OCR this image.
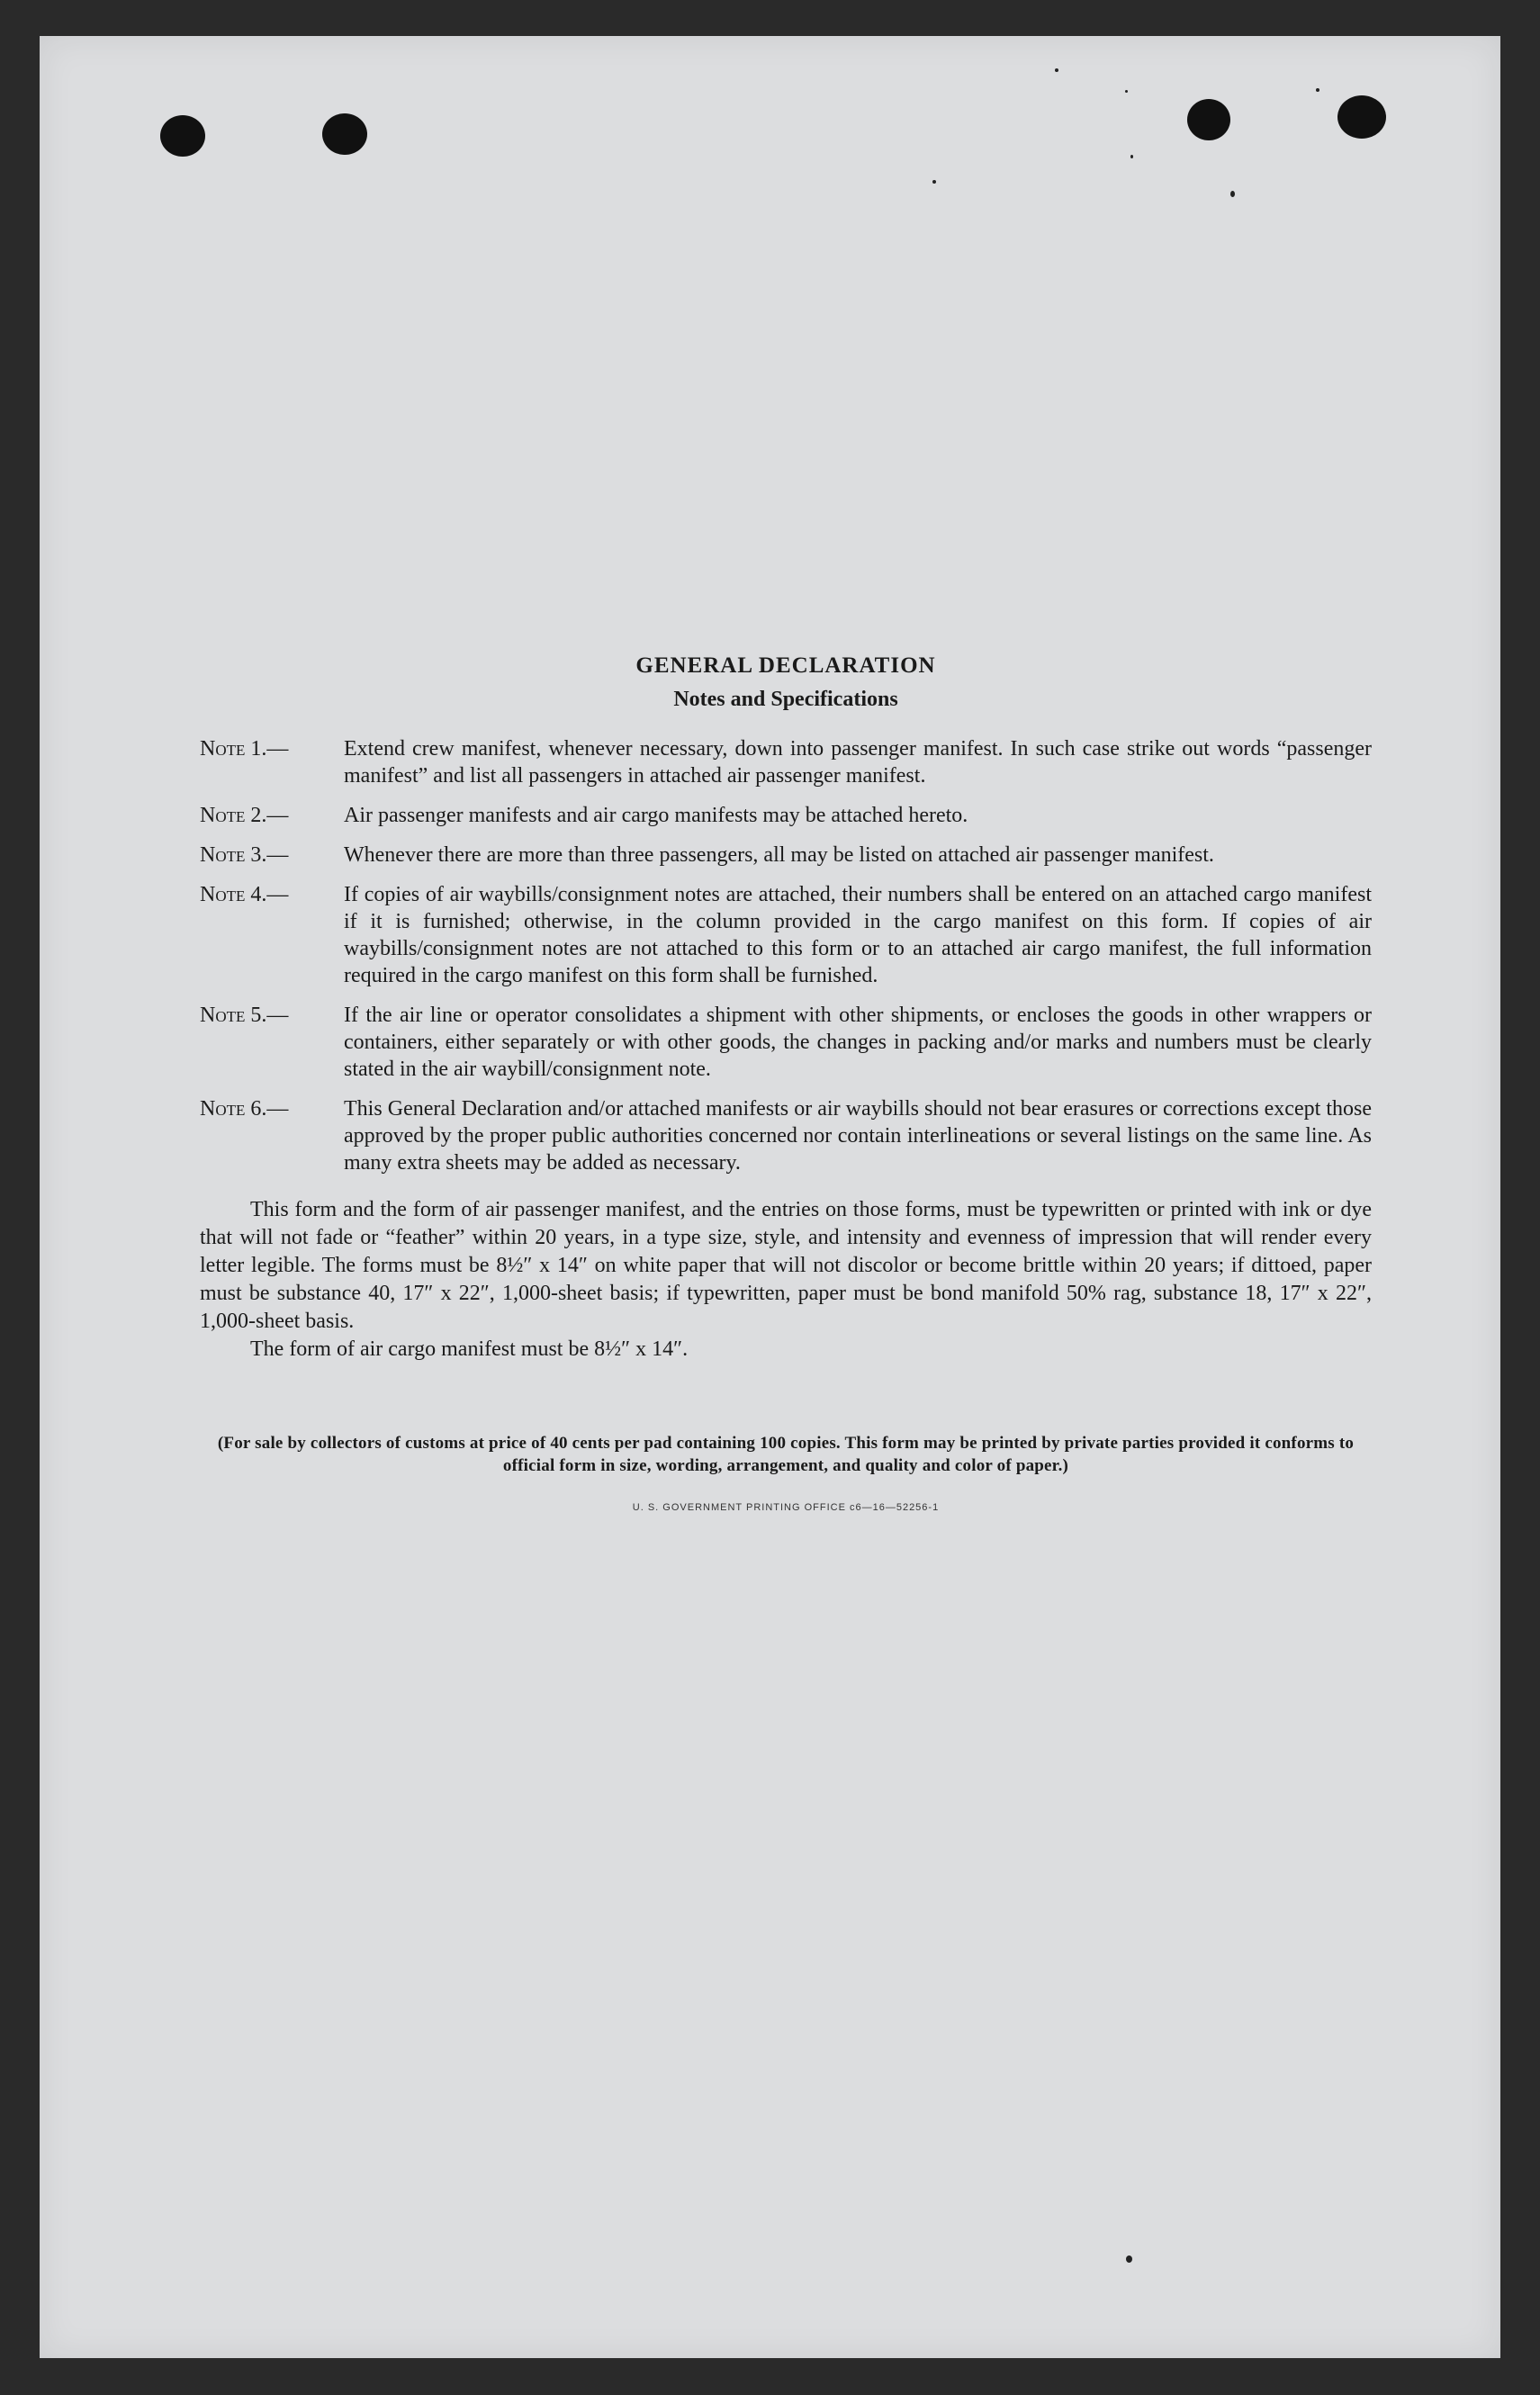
GENERAL DECLARATION
Notes and Specifications
Note 1.—	Extend crew manifest, whenever necessary, down into passenger manifest. In such case strike out words “passenger manifest” and list all passengers in attached air passenger manifest.
Note 2.—	Air passenger manifests and air cargo manifests may be attached hereto.
Note 3.—	Whenever there are more than three passengers, all may be listed on attached air passenger manifest.
Note 4.—	If copies of air waybills/consignment notes are attached, their numbers shall be entered on an attached cargo manifest if it is furnished; otherwise, in the column provided in the cargo manifest on this form. If copies of air waybills/consignment notes are not attached to this form or to an attached air cargo manifest, the full information required in the cargo manifest on this form shall be furnished.
Note 5.—	If the air line or operator consolidates a shipment with other shipments, or encloses the goods in other wrappers or containers, either separately or with other goods, the changes in packing and/or marks and numbers must be clearly stated in the air waybill/consignment note.
Note 6.—	This General Declaration and/or attached manifests or air waybills should not bear erasures or corrections except those approved by the proper public authorities concerned nor contain interlineations or several listings on the same line. As many extra sheets may be added as necessary.

This form and the form of air passenger manifest, and the entries on those forms, must be typewritten or printed with ink or dye that will not fade or “feather” within 20 years, in a type size, style, and intensity and evenness of impression that will render every letter legible. The forms must be 8½″ x 14″ on white paper that will not discolor or become brittle within 20 years; if dittoed, paper must be substance 40, 17″ x 22″, 1,000-sheet basis; if typewritten, paper must be bond manifold 50% rag, substance 18, 17″ x 22″, 1,000-sheet basis.

The form of air cargo manifest must be 8½″ x 14″.

(For sale by collectors of customs at price of 40 cents per pad containing 100 copies. This form may be printed by private parties provided it conforms to official form in size, wording, arrangement, and quality and color of paper.)
U. S. GOVERNMENT PRINTING OFFICE c6—16—52256-1
